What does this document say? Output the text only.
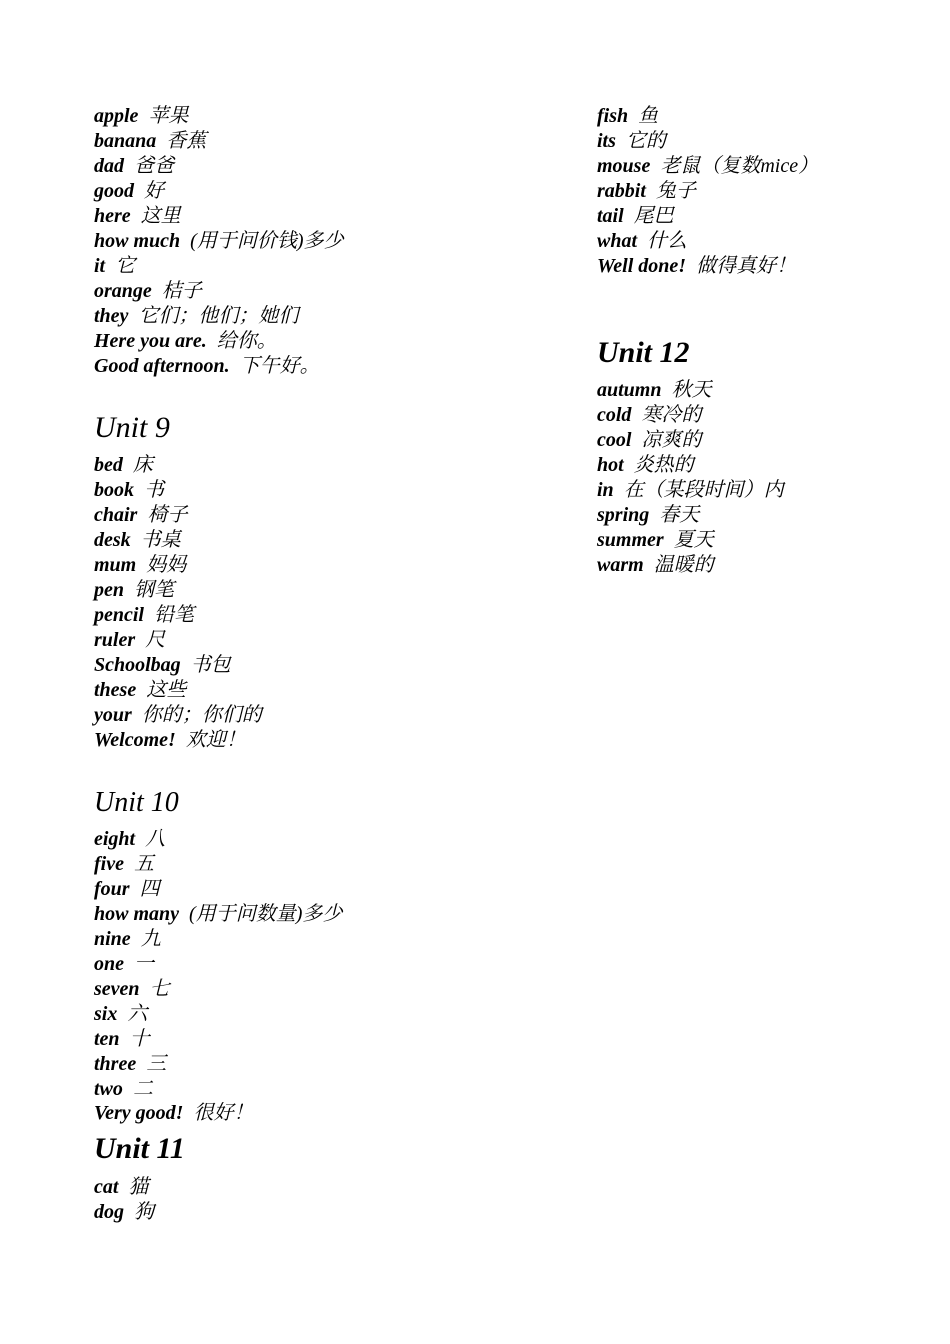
apple 苹果
banana 香蕉
dad 爸爸
good 好
here 这里
how much (用于问价钱)多少
it 它
orange 桔子
they 它们；他们；她们
Here you are. 给你。
Good afternoon. 下午好。
Unit 9
bed 床
book 书
chair 椅子
desk 书桌
mum 妈妈
pen 钢笔
pencil 铅笔
ruler 尺
Schoolbag 书包
these 这些
your 你的；你们的
Welcome! 欢迎！
Unit 10
eight 八
five 五
four 四
how many (用于问数量)多少
nine 九
one 一
seven 七
six 六
ten 十
three 三
two 二
Very good! 很好！
Unit 11
cat 猫
dog 狗
fish 鱼
its 它的
mouse 老鼠（复数mice）
rabbit 兔子
tail 尾巴
what 什么
Well done! 做得真好！
Unit 12
autumn 秋天
cold 寒冷的
cool 凉爽的
hot 炎热的
in 在（某段时间）内
spring 春天
summer 夏天
warm 温暖的
